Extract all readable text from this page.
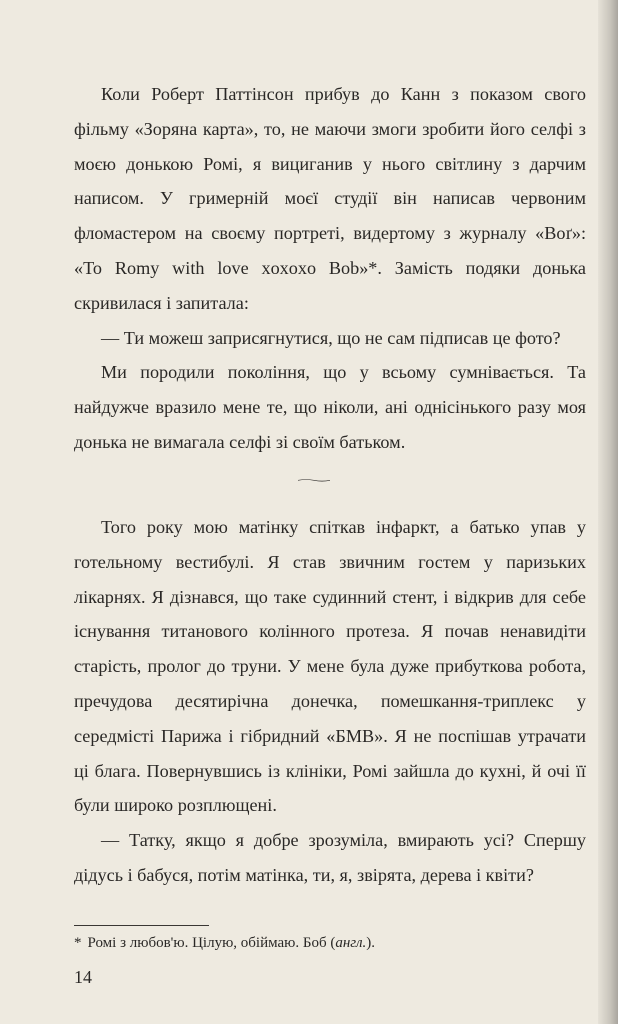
Коли Роберт Паттінсон прибув до Канн з показом свого фільму «Зоряна карта», то, не маючи змоги зробити його селфі з моєю донькою Ромі, я вициганив у нього світлину з дарчим написом. У гримерній моєї студії він написав червоним фломастером на своєму портреті, видертому з журналу «Воґ»: «To Romy with love xoxoxo Bob»*. Замість подяки донька скривилася і запитала:

— Ти можеш заприсягнутися, що не сам підписав це фото?

Ми породили покоління, що у всьому сумнівається. Та найдужче вразило мене те, що ніколи, ані однісінького разу моя донька не вимагала селфі зі своїм батьком.

Того року мою матінку спіткав інфаркт, а батько упав у готельному вестибулі. Я став звичним гостем у паризьких лікарнях. Я дізнався, що таке судинний стент, і відкрив для себе існування титанового колінного протеза. Я почав ненавидіти старість, пролог до труни. У мене була дуже прибуткова робота, пречудова десятирічна донечка, помешкання-триплекс у середмісті Парижа і гібридний «БМВ». Я не поспішав утрачати ці блага. Повернувшись із клініки, Ромі зайшла до кухні, й очі її були широко розплющені.

— Татку, якщо я добре зрозуміла, вмирають усі? Спершу дідусь і бабуся, потім матінка, ти, я, звірята, дерева і квіти?

* Ромі з любов'ю. Цілую, обіймаю. Боб (англ.).
14
